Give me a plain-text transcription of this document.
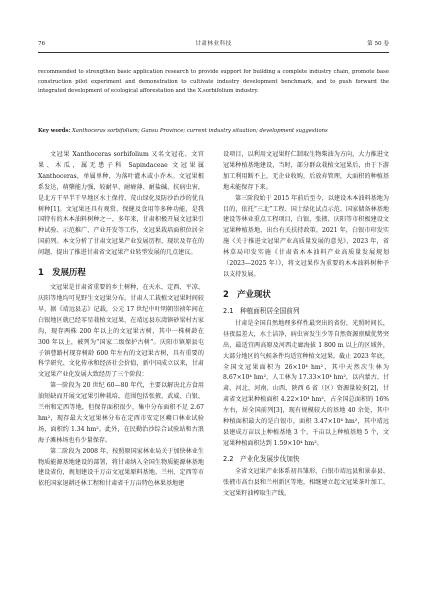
76	甘肃林业科技	第 50 卷
recommended to strengthen basic application research to provide support for building a complete industry chain, promote base construction pilot experiment and demonstration to cultivate industry development benchmark, and to push forward the integrated development of ecological afforestation and the X.sorbifolium industry.
Key words: Xanthoceras sorbifolium; Gansu Province; current industry situation; development suggestions

文冠果 Xanthoceras sorbifolium 又名文冠花、文官果、木瓜，属无患子科 Sapindaceae 文冠果属 Xanthoceras，单属单种，为落叶灌木或小乔木。文冠果根系发达，萌蘖能力强，较耐旱、耐瘠薄、耐盐碱、抗病虫害，是北方干旱半干旱地区水土保持、荒山绿化及防沙治沙的优良树种[1]。文冠果还具有观赏、保健及食用等多种功能，是我国特有的木本油料树种之一、多年来，甘肃积极开展文冠果引种试验、示范推广、产业开发等工作，文冠果栽培面积位居全国前列。本文分析了甘肃文冠果产业发展历程、现状及存在的问题，提出了推进甘肃省文冠果产业转型发展的几点建议。

1　发展历程

文冠果是甘肃省重要的乡土树种，在天水、定西、平凉、庆阳等地均可见野生文冠果分布。甘肃人工栽植文冠果时间较早，据《靖远县志》记载，公元 17 世纪中叶明朝崇祯年间在白银地区就已经零星栽植文冠果，在靖远县东湾镇砂梁村古家沟，现存两株 200 年以上的文冠果古树，其中一株树龄在 300 年以上，被列为“国家二级保护古树”。庆阳市镇原县屯子镇曹路村现存树龄 600 年左右的文冠果古树，具有重要的科学研究、文化传承和经济社会价值，新中国成立以来，甘肃文冠果产业化发展大致经历了三个阶段：

第一阶段为 20 世纪 60—80 年代，主要以解决北方食用油短缺而开展文冠果引种栽培，范围包括张掖、武威、白银、兰州和定西等地，但保存面积很少，集中分布面积不足 2.67 hm²，现存最大文冠果林分布在定西市安定区巉口林业试验场，面积约 1.34 hm²。此外，在民勤治沙综合试验站和古浪海子滩林场也有少量保存。

第二阶段为 2008 年，按照原国家林业局关于加快林业生物质能源基地建设的部署，将甘肃纳入全国生物质能源林基地建设省份，规划建设千万亩文冠果原料基地。兰州、定西等市依托国家退耕还林工程和甘肃省千万亩特色林果基地建

设项目，以利用文冠果籽仁制取生物柴油为方向，大力推进文冠果种植基地建设，当时，部分群众栽植文冠果后，由于下游加工利用断不上，无企业收购，后放弃管理，大面积的种植基地未能保存下来。

第三阶段始于 2015 年前后至今，以建设木本油料基地为目的，依托“三北”工程、国土绿化试点示范、国家储备林基地建设等林业重点工程项目，白银、张掖、庆阳等市积极建设文冠果种植基地，出台有关扶持政策。2021 年，白银市印发实施《关于推进文冠果产业高质量发展的意见》，2023 年，省林草局印发实施《甘肃省木本油料产业高质量发展规划（2023—2025 年）》，将文冠果作为重要的木本油料树种予以支持发展。

2　产业现状
2.1　种植面积居全国前列

甘肃是全国自然地理多样性最突出的省份，光照时间长，昼夜温差大，水土洁净，病虫害发生少等自然资源禀赋优势突出，最适宜两高原及河西走廊海拔 1 800 m 以上的区域外，大部分地区的气候条件均适宜种植文冠果。截止 2023 年底，全国文冠果面积为 26×10⁴ hm²，其中天然次生林为 8.67×10⁴ hm²，人工林为 17.33×10⁴ hm²，以内蒙古、甘肃、河北、河南、山西、陕西 6 省（区）资源量较多[2]，甘肃省文冠果种植面积 4.22×10⁴ hm²，占全国总面积的 16% 左右，居全国前列[3]，现有规模较大的基地 40 余处，其中种植面积最大的是白银市，面积 3.47×10⁴ hm²，其中靖远县建成万亩以上种植基地 3 个，千亩以上种植基地 5 个，文冠果种植面积达到 1.59×10⁴ hm²。

2.2　产业化发展步伐加快

全省文冠果产业体系初具雏形，白银市靖远县和景泰县、张掖市高台县和兰州新区等地，相继建立起文冠果茶叶加工、文冠果籽油榨取生产线。
